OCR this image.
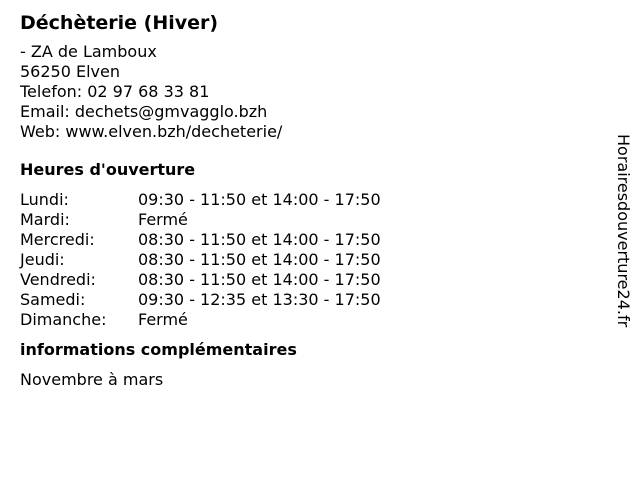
Déchèterie (Hiver)
- ZA de Lamboux
56250 Elven
Telefon: 02 97 68 33 81
Email: dechets@gmvagglo.bzh
Web: www.elven.bzh/decheterie/
Heures d'ouverture
Lundi:	09:30 - 11:50 et 14:00 - 17:50
Mardi:	Fermé
Mercredi:	08:30 - 11:50 et 14:00 - 17:50
Jeudi:	08:30 - 11:50 et 14:00 - 17:50
Vendredi:	08:30 - 11:50 et 14:00 - 17:50
Samedi:	09:30 - 12:35 et 13:30 - 17:50
Dimanche:	Fermé
informations complémentaires
Novembre à mars
Horairesdouverture24.fr
